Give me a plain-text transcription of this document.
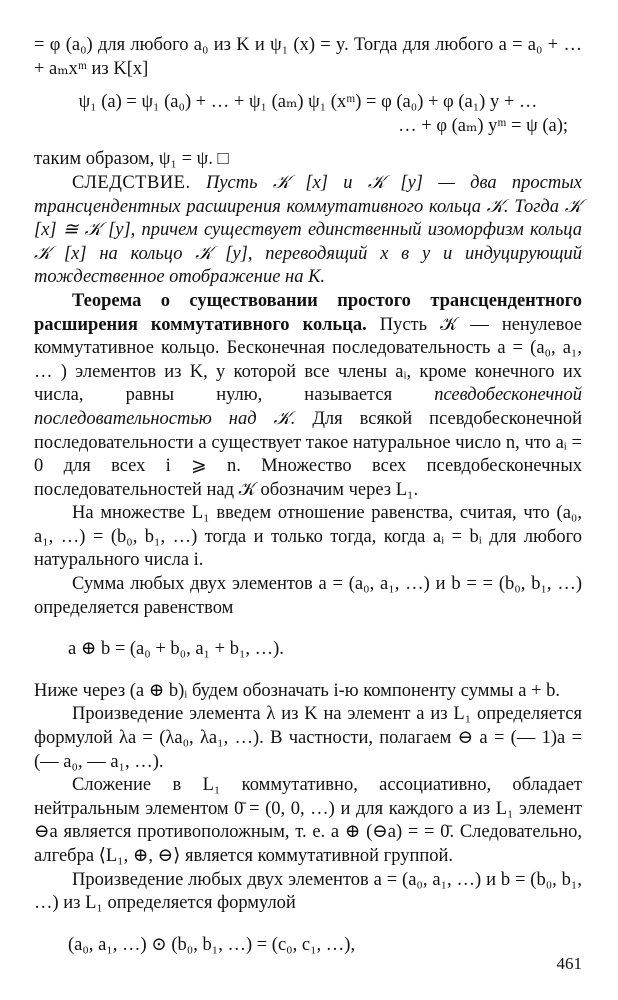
= φ (a₀) для любого a₀ из K и ψ₁ (x) = y. Тогда для любого a = a₀ + … + aₘxᵐ из K[x]

ψ₁ (a) = ψ₁ (a₀) + … + ψ₁ (aₘ) ψ₁ (xᵐ) = φ (a₀) + φ (a₁) y + …

… + φ (aₘ) yᵐ = ψ (a);

таким образом, ψ₁ = ψ. □

СЛЕДСТВИЕ. Пусть 𝒦 [x] и 𝒦 [y] — два простых трансцендентных расширения коммутативного кольца 𝒦. Тогда 𝒦 [x] ≅ 𝒦 [y], причем существует единственный изоморфизм кольца 𝒦 [x] на кольцо 𝒦 [y], переводящий x в y и индуцирующий тождественное отображение на K.

Теорема о существовании простого трансцендентного расширения коммутативного кольца. Пусть 𝒦 — ненулевое коммутативное кольцо. Бесконечная последовательность a = (a₀, a₁, … ) элементов из K, у которой все члены aᵢ, кроме конечного их числа, равны нулю, называется псевдобесконечной последовательностью над 𝒦. Для всякой псевдобесконечной последовательности a существует такое натуральное число n, что aᵢ = 0 для всех i ⩾ n. Множество всех псевдобесконечных последовательностей над 𝒦 обозначим через L₁.

На множестве L₁ введем отношение равенства, считая, что (a₀, a₁, …) = (b₀, b₁, …) тогда и только тогда, когда aᵢ = bᵢ для любого натурального числа i.

Сумма любых двух элементов a = (a₀, a₁, …) и b = = (b₀, b₁, …) определяется равенством

a ⊕ b = (a₀ + b₀, a₁ + b₁, …).

Ниже через (a ⊕ b)ᵢ будем обозначать i-ю компоненту суммы a + b.

Произведение элемента λ из K на элемент a из L₁ определяется формулой λa = (λa₀, λa₁, …). В частности, полагаем ⊖ a = (— 1)a = (— a₀, — a₁, …).

Сложение в L₁ коммутативно, ассоциативно, обладает нейтральным элементом 0̄ = (0, 0, …) и для каждого a из L₁ элемент ⊖a является противоположным, т. е. a ⊕ (⊖a) = = 0̄. Следовательно, алгебра ⟨L₁, ⊕, ⊖⟩ является коммутативной группой.

Произведение любых двух элементов a = (a₀, a₁, …) и b = (b₀, b₁, …) из L₁ определяется формулой

(a₀, a₁, …) ⊙ (b₀, b₁, …) = (c₀, c₁, …),

461
